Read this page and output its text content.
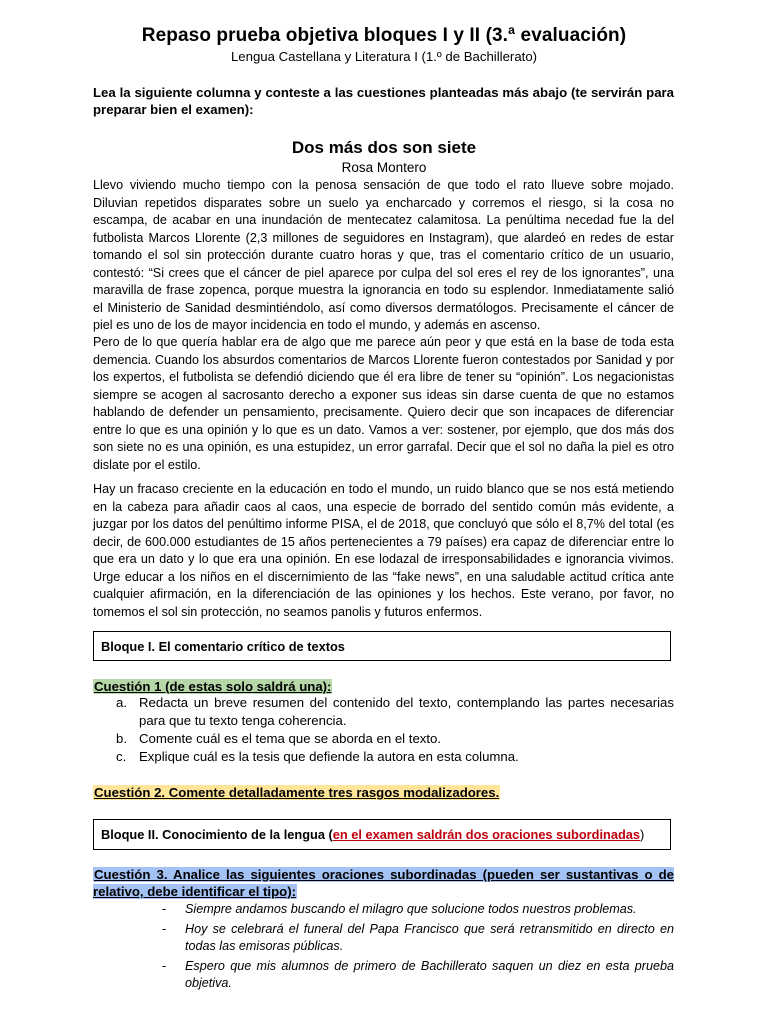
Repaso prueba objetiva bloques I y II (3.ª evaluación)
Lengua Castellana y Literatura I (1.º de Bachillerato)
Lea la siguiente columna y conteste a las cuestiones planteadas más abajo (te servirán para preparar bien el examen):
Dos más dos son siete
Rosa Montero

Llevo viviendo mucho tiempo con la penosa sensación de que todo el rato llueve sobre mojado. Diluvian repetidos disparates sobre un suelo ya encharcado y corremos el riesgo, si la cosa no escampa, de acabar en una inundación de mentecatez calamitosa. La penúltima necedad fue la del futbolista Marcos Llorente (2,3 millones de seguidores en Instagram), que alardeó en redes de estar tomando el sol sin protección durante cuatro horas y que, tras el comentario crítico de un usuario, contestó: “Si crees que el cáncer de piel aparece por culpa del sol eres el rey de los ignorantes”, una maravilla de frase zopenca, porque muestra la ignorancia en todo su esplendor. Inmediatamente salió el Ministerio de Sanidad desmintiéndolo, así como diversos dermatólogos. Precisamente el cáncer de piel es uno de los de mayor incidencia en todo el mundo, y además en ascenso.

Pero de lo que quería hablar era de algo que me parece aún peor y que está en la base de toda esta demencia. Cuando los absurdos comentarios de Marcos Llorente fueron contestados por Sanidad y por los expertos, el futbolista se defendió diciendo que él era libre de tener su “opinión”. Los negacionistas siempre se acogen al sacrosanto derecho a exponer sus ideas sin darse cuenta de que no estamos hablando de defender un pensamiento, precisamente. Quiero decir que son incapaces de diferenciar entre lo que es una opinión y lo que es un dato. Vamos a ver: sostener, por ejemplo, que dos más dos son siete no es una opinión, es una estupidez, un error garrafal. Decir que el sol no daña la piel es otro dislate por el estilo.

Hay un fracaso creciente en la educación en todo el mundo, un ruido blanco que se nos está metiendo en la cabeza para añadir caos al caos, una especie de borrado del sentido común más evidente, a juzgar por los datos del penúltimo informe PISA, el de 2018, que concluyó que sólo el 8,7% del total (es decir, de 600.000 estudiantes de 15 años pertenecientes a 79 países) era capaz de diferenciar entre lo que era un dato y lo que era una opinión. En ese lodazal de irresponsabilidades e ignorancia vivimos. Urge educar a los niños en el discernimiento de las “fake news”, en una saludable actitud crítica ante cualquier afirmación, en la diferenciación de las opiniones y los hechos. Este verano, por favor, no tomemos el sol sin protección, no seamos panolis y futuros enfermos.

Bloque I. El comentario crítico de textos
Cuestión 1 (de estas solo saldrá una):
a. Redacta un breve resumen del contenido del texto, contemplando las partes necesarias para que tu texto tenga coherencia.
b. Comente cuál es el tema que se aborda en el texto.
c. Explique cuál es la tesis que defiende la autora en esta columna.
Cuestión 2. Comente detalladamente tres rasgos modalizadores.
Bloque II. Conocimiento de la lengua ( en el examen saldrán dos oraciones subordinadas )
Cuestión 3. Analice las siguientes oraciones subordinadas (pueden ser sustantivas o de relativo, debe identificar el tipo):
- Siempre andamos buscando el milagro que solucione todos nuestros problemas.
- Hoy se celebrará el funeral del Papa Francisco que será retransmitido en directo en todas las emisoras públicas.
- Espero que mis alumnos de primero de Bachillerato saquen un diez en esta prueba objetiva.
